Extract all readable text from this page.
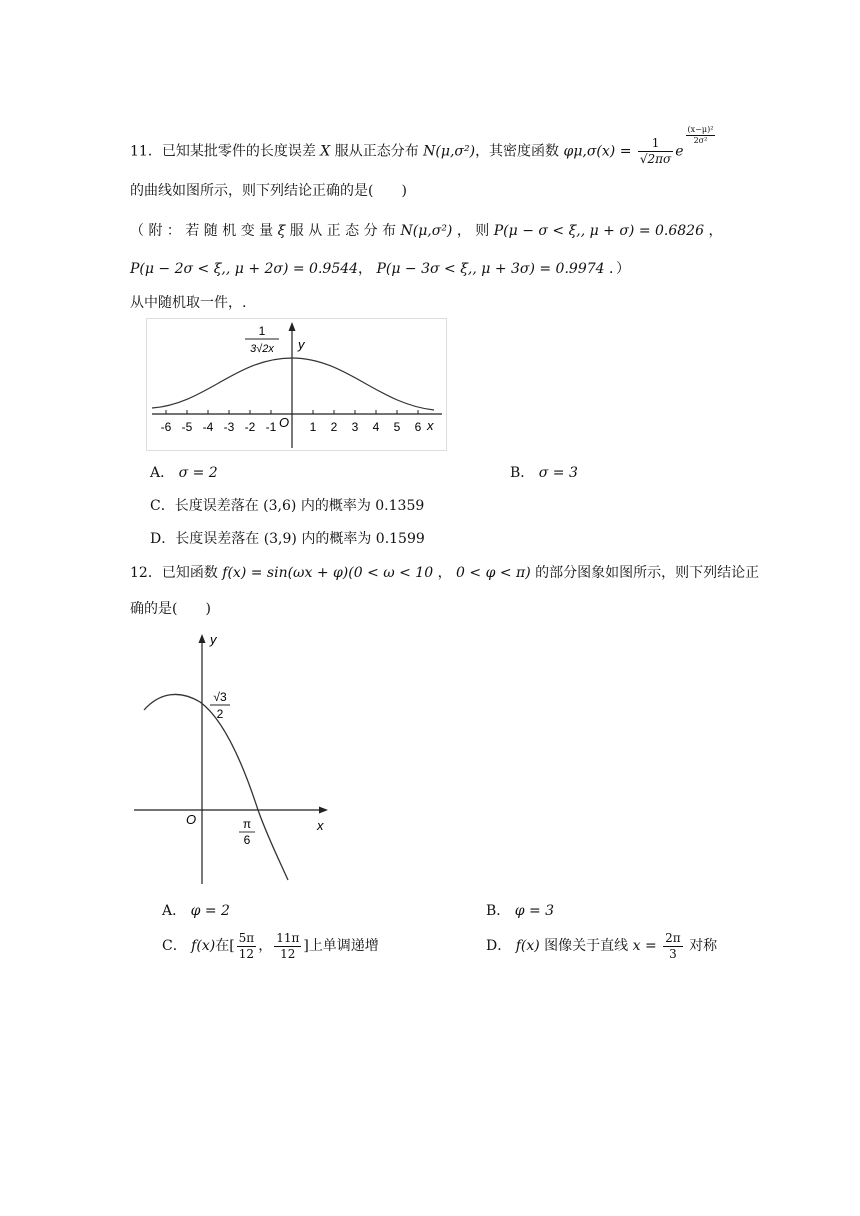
11．已知某批零件的长度误差 X 服从正态分布 N(μ,σ²)，其密度函数 $\varphi\mu,\sigma(x) = \frac{1}{√2\pi\sigma}$ e
$\frac{\text{(x−μ)²}}{\text{2σ²}}$
的曲线如图所示，则下列结论正确的是(　　)
（ 附 ： 若 随 机 变 量 ξ 服 从 正 态 分 布 N(μ,σ²) ， 则 P(μ − σ < ξ,, μ + σ) = 0.6826 ，
P(μ − 2σ < ξ,, μ + 2σ) = 0.9544， P(μ − 3σ < ξ,, μ + 3σ) = 0.9974 ．）
从中随机取一件，.
-6 -5 -4 -3 -2 -1	1 2 3 4 5 6
y
x
O
1
3√2x
A． σ = 2	B． σ = 3
C．长度误差落在 (3,6) 内的概率为 0.1359
D．长度误差落在 (3,9) 内的概率为 0.1599
12．已知函数 f(x) = sin(ωx + φ)(0 < ω < 10 ， 0 < φ < π) 的部分图象如图所示，则下列结论正
确的是(　　)
y
x
O
√3
2
π
6
A． φ = 2	B． φ = 3
C． f(x)在[ $\frac{5\pi}{12}$ ， $\frac{11\pi}{12}$ ]上单调递增	D． f(x) 图像关于直线 $x = \frac{2\pi}{3}$ 对称
